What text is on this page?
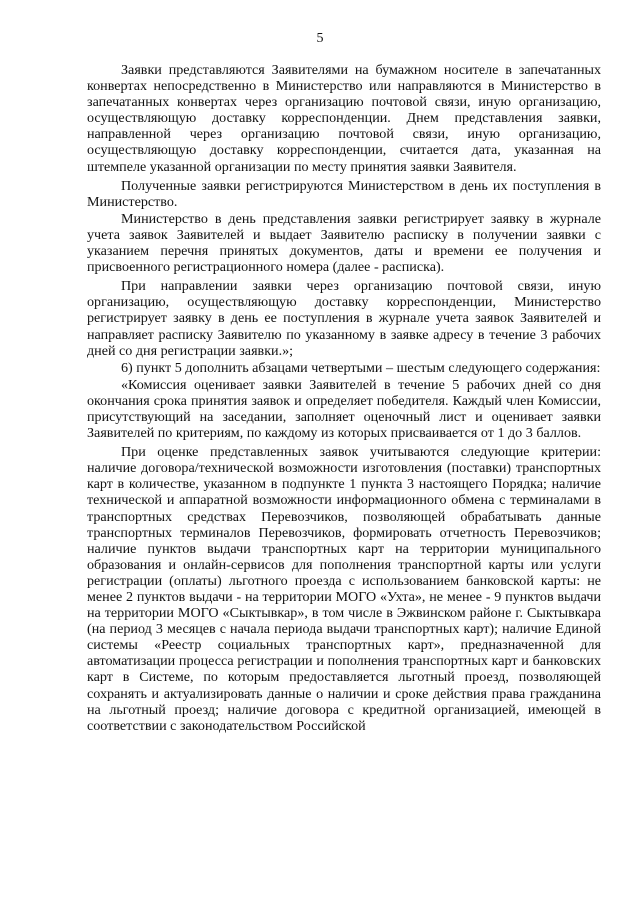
5

Заявки представляются Заявителями на бумажном носителе в запечатанных конвертах непосредственно в Министерство или направляются в Министерство в запечатанных конвертах через организацию почтовой связи, иную организацию, осуществляющую доставку корреспонденции. Днем представления заявки, направленной через организацию почтовой связи, иную организацию, осуществляющую доставку корреспонденции, считается дата, указанная на штемпеле указанной организации по месту принятия заявки Заявителя.

Полученные заявки регистрируются Министерством в день их поступления в Министерство.

Министерство в день представления заявки регистрирует заявку в журнале учета заявок Заявителей и выдает Заявителю расписку в получении заявки с указанием перечня принятых документов, даты и времени ее получения и присвоенного регистрационного номера (далее - расписка).

При направлении заявки через организацию почтовой связи, иную организацию, осуществляющую доставку корреспонденции, Министерство регистрирует заявку в день ее поступления в журнале учета заявок Заявителей и направляет расписку Заявителю по указанному в заявке адресу в течение 3 рабочих дней со дня регистрации заявки.»;

6) пункт 5 дополнить абзацами четвертыми – шестым следующего содержания:

«Комиссия оценивает заявки Заявителей в течение 5 рабочих дней со дня окончания срока принятия заявок и определяет победителя. Каждый член Комиссии, присутствующий на заседании, заполняет оценочный лист и оценивает заявки Заявителей по критериям, по каждому из которых присваивается от 1 до 3 баллов.

При оценке представленных заявок учитываются следующие критерии: наличие договора/технической возможности изготовления (поставки) транспортных карт в количестве, указанном в подпункте 1 пункта 3 настоящего Порядка; наличие технической и аппаратной возможности информационного обмена с терминалами в транспортных средствах Перевозчиков, позволяющей обрабатывать данные транспортных терминалов Перевозчиков, формировать отчетность Перевозчиков; наличие пунктов выдачи транспортных карт на территории муниципального образования и онлайн-сервисов для пополнения транспортной карты или услуги регистрации (оплаты) льготного проезда с использованием банковской карты: не менее 2 пунктов выдачи - на территории МОГО «Ухта», не менее - 9 пунктов выдачи на территории МОГО «Сыктывкар», в том числе в Эжвинском районе г. Сыктывкара (на период 3 месяцев с начала периода выдачи транспортных карт); наличие Единой системы «Реестр социальных транспортных карт», предназначенной для автоматизации процесса регистрации и пополнения транспортных карт и банковских карт в Системе, по которым предоставляется льготный проезд, позволяющей сохранять и актуализировать данные о наличии и сроке действия права гражданина на льготный проезд; наличие договора с кредитной организацией, имеющей в соответствии с законодательством Российской
